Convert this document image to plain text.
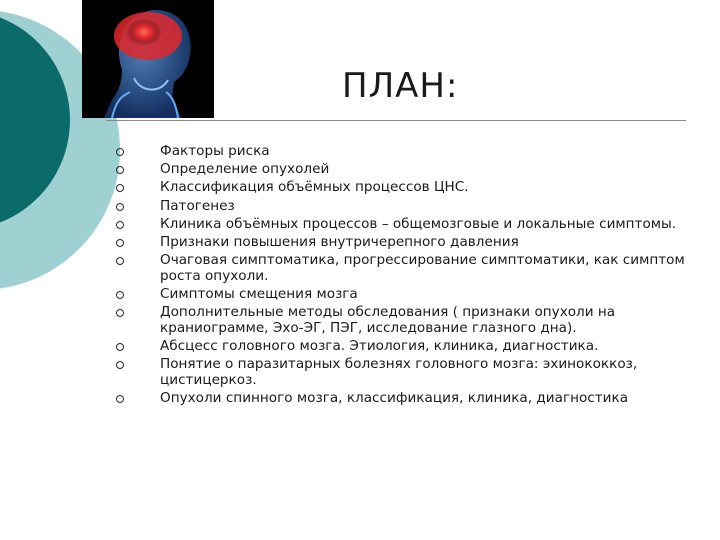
ПЛАН:
Факторы риска
Определение опухолей
Классификация объёмных процессов ЦНС.
Патогенез
Клиника объёмных процессов – общемозговые и локальные симптомы.
Признаки повышения внутричерепного давления
Очаговая симптоматика, прогрессирование симптоматики, как симптом роста опухоли.
Симптомы смещения мозга
Дополнительные методы обследования ( признаки опухоли на краниограмме, Эхо-ЭГ, ПЭГ, исследование глазного дна).
Абсцесс головного мозга. Этиология, клиника, диагностика.
Понятие о паразитарных болезнях головного мозга: эхинококкоз, цистицеркоз.
Опухоли спинного мозга, классификация, клиника, диагностика
